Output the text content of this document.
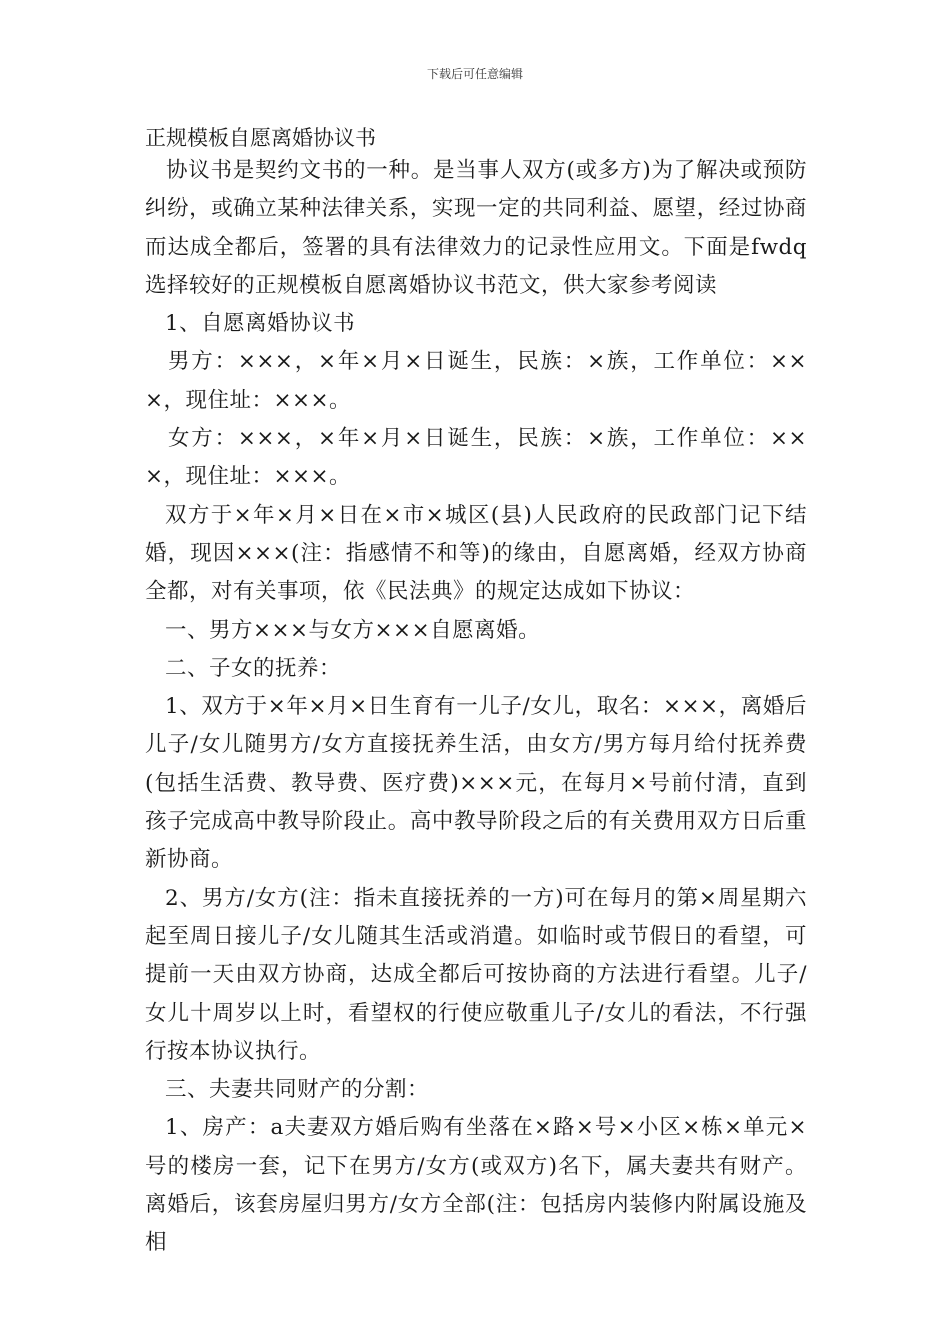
下载后可任意编辑
正规模板自愿离婚协议书

协议书是契约文书的一种。是当事人双方(或多方)为了解决或预防纠纷，或确立某种法律关系，实现一定的共同利益、愿望，经过协商而达成全都后，签署的具有法律效力的记录性应用文。下面是fwdq选择较好的正规模板自愿离婚协议书范文，供大家参考阅读

1、自愿离婚协议书

男方：×××，×年×月×日诞生，民族：×族，工作单位：×××，现住址：×××。

女方：×××，×年×月×日诞生，民族：×族，工作单位：×××，现住址：×××。

双方于×年×月×日在×市×城区(县)人民政府的民政部门记下结婚，现因×××(注：指感情不和等)的缘由，自愿离婚，经双方协商全都，对有关事项，依《民法典》的规定达成如下协议：

一、男方×××与女方×××自愿离婚。

二、子女的抚养：

1、双方于×年×月×日生育有一儿子/女儿，取名：×××，离婚后儿子/女儿随男方/女方直接抚养生活，由女方/男方每月给付抚养费(包括生活费、教导费、医疗费)×××元，在每月×号前付清，直到孩子完成高中教导阶段止。高中教导阶段之后的有关费用双方日后重新协商。

2、男方/女方(注：指未直接抚养的一方)可在每月的第×周星期六起至周日接儿子/女儿随其生活或消遣。如临时或节假日的看望，可提前一天由双方协商，达成全都后可按协商的方法进行看望。儿子/女儿十周岁以上时，看望权的行使应敬重儿子/女儿的看法，不行强行按本协议执行。

三、夫妻共同财产的分割：

1、房产：a夫妻双方婚后购有坐落在×路×号×小区×栋×单元×号的楼房一套，记下在男方/女方(或双方)名下，属夫妻共有财产。离婚后，该套房屋归男方/女方全部(注：包括房内装修内附属设施及相
